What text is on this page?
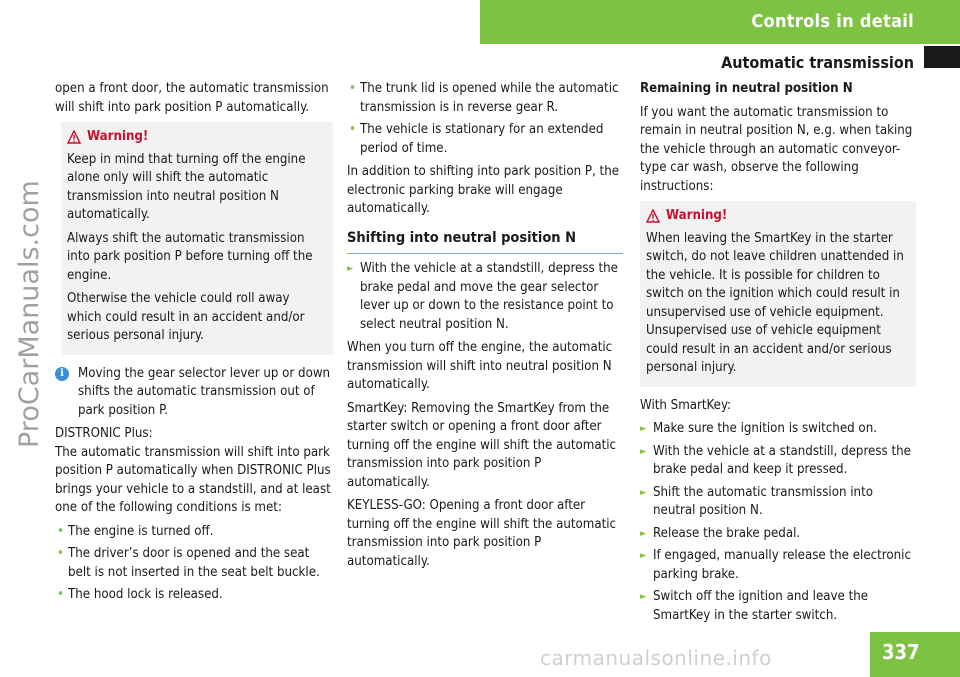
Controls in detail
Automatic transmission
ProCarManuals.com

open a front door, the automatic transmission will shift into park position P automatically.

Warning!

Keep in mind that turning off the engine alone only will shift the automatic transmission into neutral position N automatically.

Always shift the automatic transmission into park position P before turning off the engine.

Otherwise the vehicle could roll away which could result in an accident and/or serious personal injury.

i	Moving the gear selector lever up or down shifts the automatic transmission out of park position P.

DISTRONIC Plus:

The automatic transmission will shift into park position P automatically when DISTRONIC Plus brings your vehicle to a standstill, and at least one of the following conditions is met:

• The engine is turned off.
• The driver’s door is opened and the seat belt is not inserted in the seat belt buckle.
• The hood lock is released.
• The trunk lid is opened while the automatic transmission is in reverse gear R.
• The vehicle is stationary for an extended period of time.

In addition to shifting into park position P, the electronic parking brake will engage automatically.

Shifting into neutral position N
► With the vehicle at a standstill, depress the brake pedal and move the gear selector lever up or down to the resistance point to select neutral position N.

When you turn off the engine, the automatic transmission will shift into neutral position N automatically.

SmartKey: Removing the SmartKey from the starter switch or opening a front door after turning off the engine will shift the automatic transmission into park position P automatically.

KEYLESS-GO: Opening a front door after turning off the engine will shift the automatic transmission into park position P automatically.

Remaining in neutral position N

If you want the automatic transmission to remain in neutral position N, e.g. when taking the vehicle through an automatic conveyor-type car wash, observe the following instructions:

Warning!

When leaving the SmartKey in the starter switch, do not leave children unattended in the vehicle. It is possible for children to switch on the ignition which could result in unsupervised use of vehicle equipment. Unsupervised use of vehicle equipment could result in an accident and/or serious personal injury.

With SmartKey:

► Make sure the ignition is switched on.
► With the vehicle at a standstill, depress the brake pedal and keep it pressed.
► Shift the automatic transmission into neutral position N.
► Release the brake pedal.
► If engaged, manually release the electronic parking brake.
► Switch off the ignition and leave the SmartKey in the starter switch.
carmanualsonline.info	337
